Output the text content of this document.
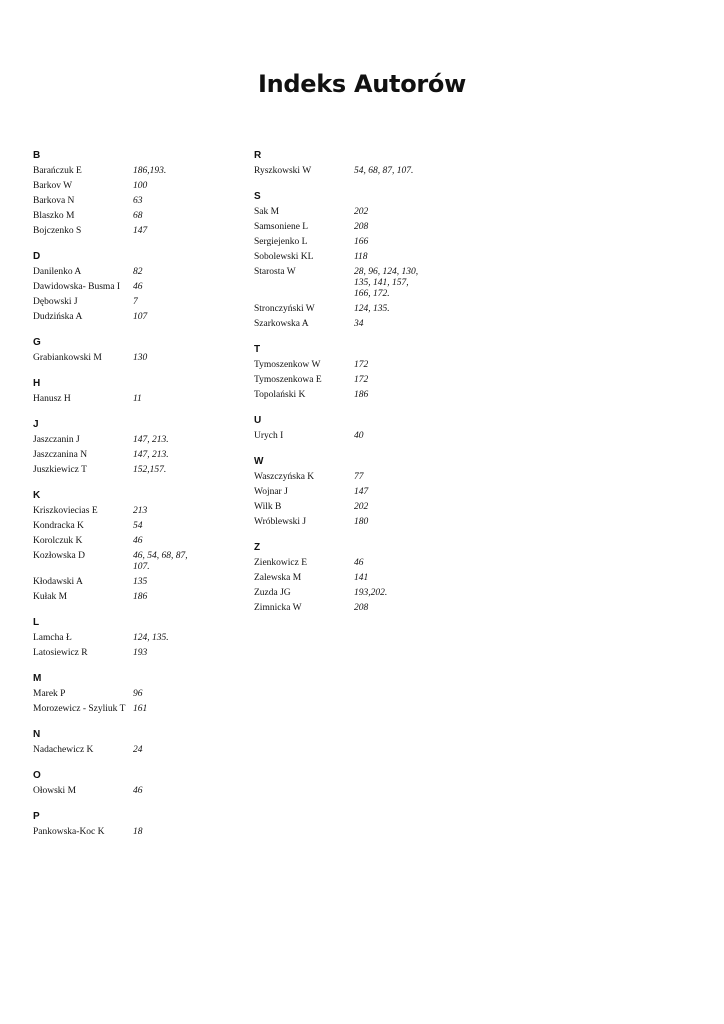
Indeks Autorów
B
Barańczuk E	186,193.
Barkov W	100
Barkova N	63
Blaszko M	68
Bojczenko S	147
D
Danilenko A	82
Dawidowska- Busma I	46
Dębowski J	7
Dudzińska A	107
G
Grabiankowski M	130
H
Hanusz H	11
J
Jaszczanin J	147, 213.
Jaszczanina N	147, 213.
Juszkiewicz T	152,157.
K
Kriszkoviecias E	213
Kondracka K	54
Korolczuk K	46
Kozłowska D	46, 54, 68, 87,
107.
Kłodawski A	135
Kułak M	186
L
Lamcha Ł	124, 135.
Latosiewicz R	193
M
Marek P	96
Morozewicz - Szyliuk T 161
N
Nadachewicz K	24
O
Ołowski M	46
P
Pankowska-Koc K	18
R
Ryszkowski W	54, 68, 87, 107.
S
Sak M	202
Samsoniene L	208
Sergiejenko L	166
Sobolewski KL	118
Starosta W	28, 96, 124, 130,
135, 141, 157,
166, 172.
Stronczyński W	124, 135.
Szarkowska A	34
T
Tymoszenkow W	172
Tymoszenkowa E	172
Topolański K	186
U
Urych I	40
W
Waszczyńska K	77
Wojnar J	147
Wilk B	202
Wróblewski J	180
Z
Zienkowicz E	46
Zalewska M	141
Zuzda JG	193,202.
Zimnicka W	208
